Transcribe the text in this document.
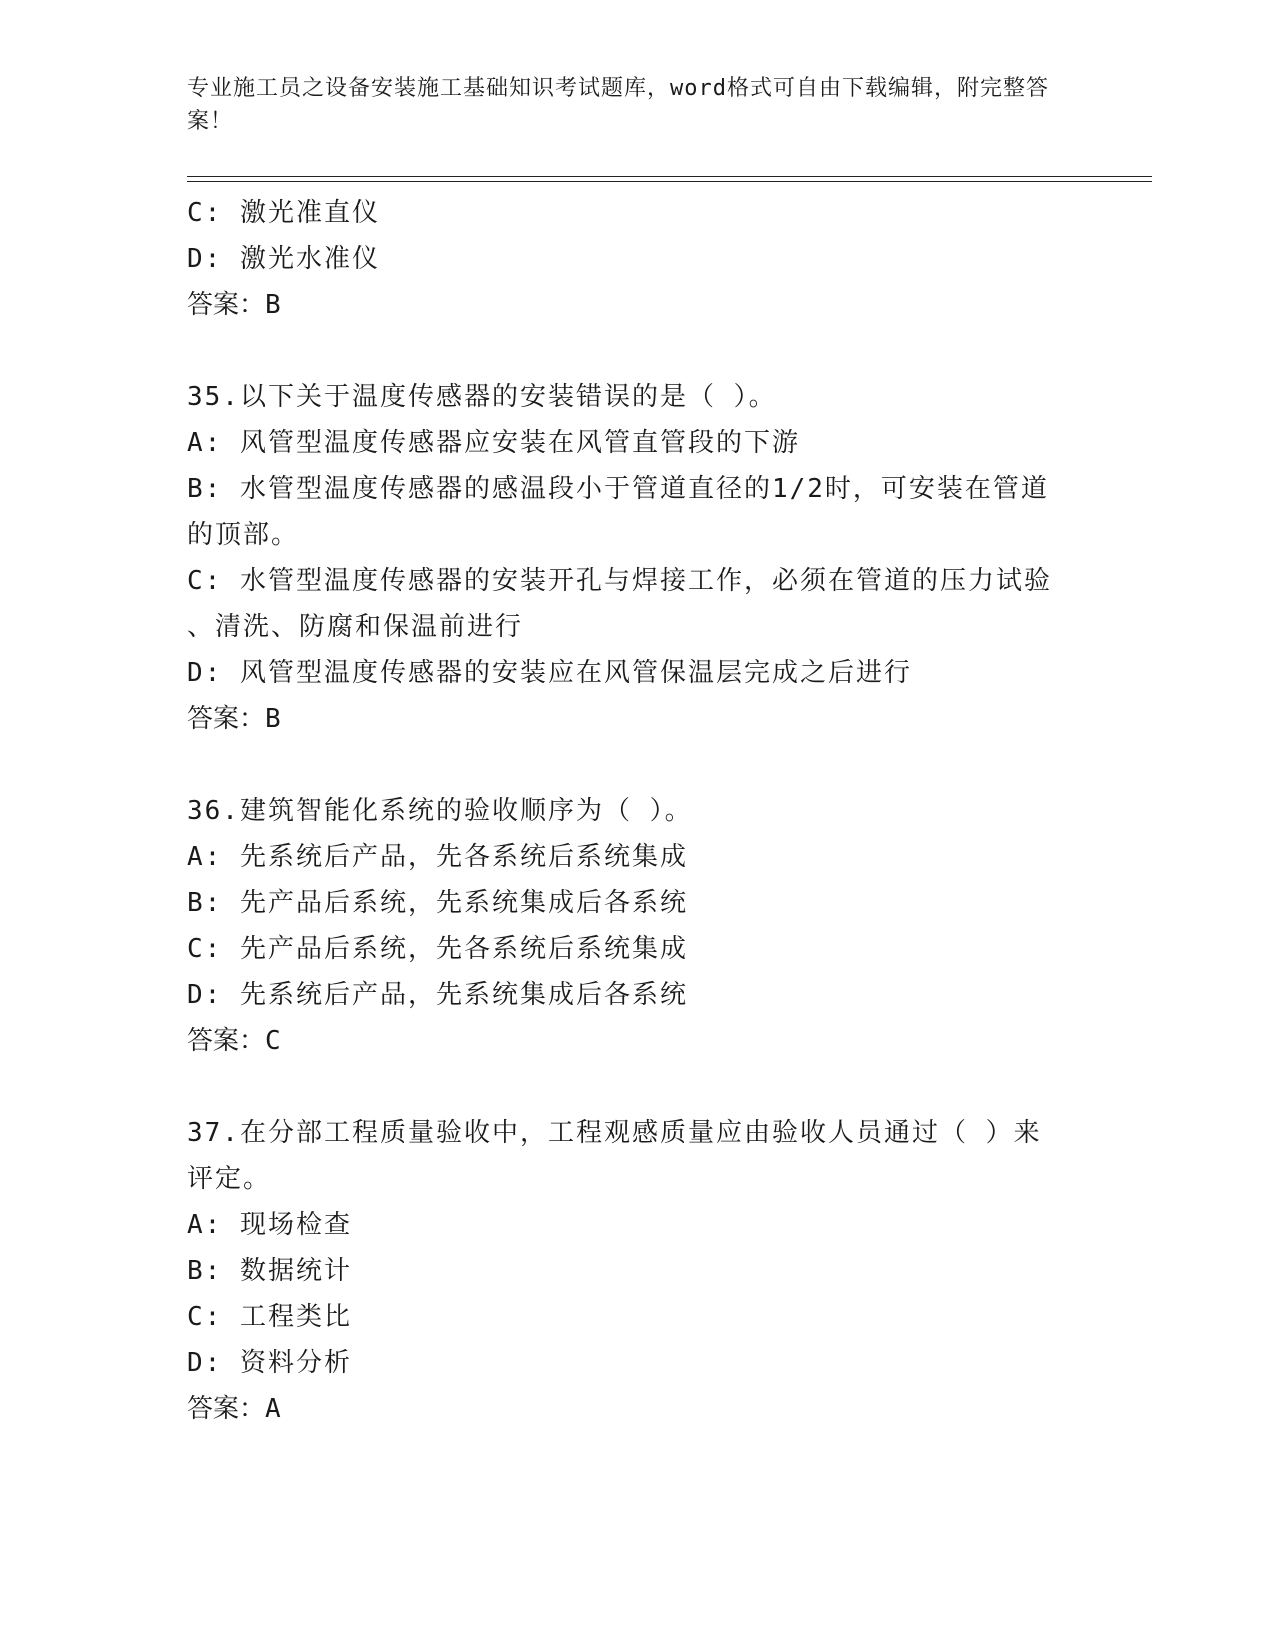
专业施工员之设备安装施工基础知识考试题库，word格式可自由下载编辑，附完整答案！
C: 激光准直仪
D: 激光水准仪
答案：B
35.以下关于温度传感器的安装错误的是（ ）。
A: 风管型温度传感器应安装在风管直管段的下游
B: 水管型温度传感器的感温段小于管道直径的1/2时，可安装在管道
的顶部。
C: 水管型温度传感器的安装开孔与焊接工作，必须在管道的压力试验
、清洗、防腐和保温前进行
D: 风管型温度传感器的安装应在风管保温层完成之后进行
答案：B
36.建筑智能化系统的验收顺序为（ ）。
A: 先系统后产品，先各系统后系统集成
B: 先产品后系统，先系统集成后各系统
C: 先产品后系统，先各系统后系统集成
D: 先系统后产品，先系统集成后各系统
答案：C
37.在分部工程质量验收中，工程观感质量应由验收人员通过（ ）来
评定。
A: 现场检查
B: 数据统计
C: 工程类比
D: 资料分析
答案：A
